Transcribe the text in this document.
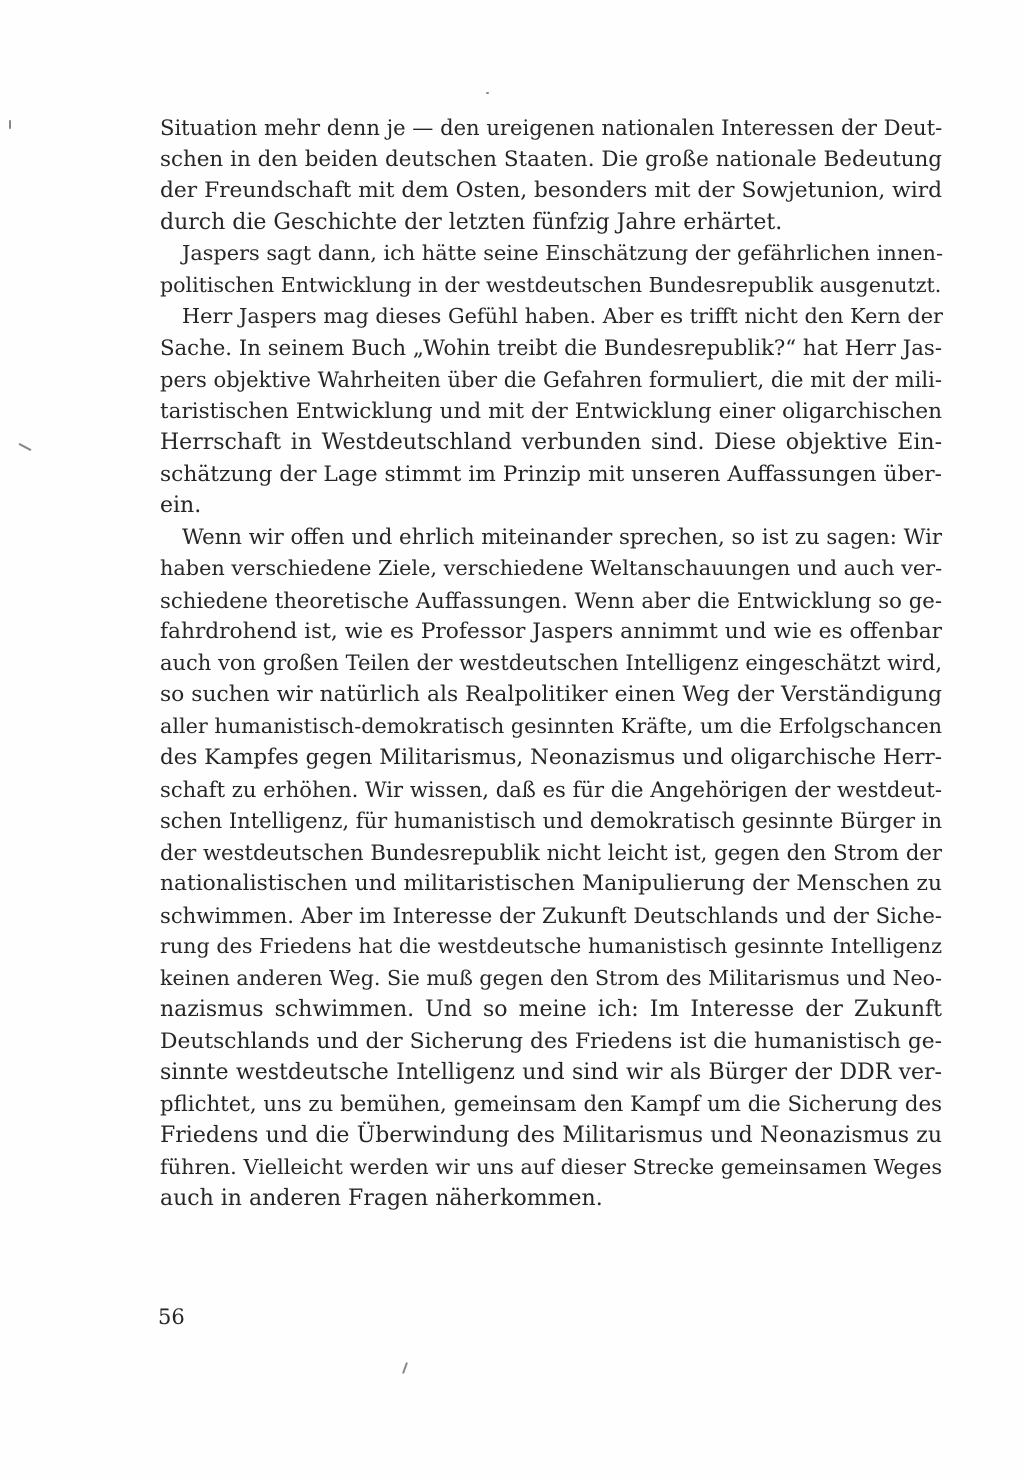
Situation mehr denn je — den ureigenen nationalen Interessen der Deut-
schen in den beiden deutschen Staaten. Die große nationale Bedeutung
der Freundschaft mit dem Osten, besonders mit der Sowjetunion, wird
durch die Geschichte der letzten fünfzig Jahre erhärtet.
Jaspers sagt dann, ich hätte seine Einschätzung der gefährlichen innen-
politischen Entwicklung in der westdeutschen Bundesrepublik ausgenutzt.
Herr Jaspers mag dieses Gefühl haben. Aber es trifft nicht den Kern der
Sache. In seinem Buch „Wohin treibt die Bundesrepublik?“ hat Herr Jas-
pers objektive Wahrheiten über die Gefahren formuliert, die mit der mili-
taristischen Entwicklung und mit der Entwicklung einer oligarchischen
Herrschaft in Westdeutschland verbunden sind. Diese objektive Ein-
schätzung der Lage stimmt im Prinzip mit unseren Auffassungen über-
ein.
Wenn wir offen und ehrlich miteinander sprechen, so ist zu sagen: Wir
haben verschiedene Ziele, verschiedene Weltanschauungen und auch ver-
schiedene theoretische Auffassungen. Wenn aber die Entwicklung so ge-
fahrdrohend ist, wie es Professor Jaspers annimmt und wie es offenbar
auch von großen Teilen der westdeutschen Intelligenz eingeschätzt wird,
so suchen wir natürlich als Realpolitiker einen Weg der Verständigung
aller humanistisch-demokratisch gesinnten Kräfte, um die Erfolgschancen
des Kampfes gegen Militarismus, Neonazismus und oligarchische Herr-
schaft zu erhöhen. Wir wissen, daß es für die Angehörigen der westdeut-
schen Intelligenz, für humanistisch und demokratisch gesinnte Bürger in
der westdeutschen Bundesrepublik nicht leicht ist, gegen den Strom der
nationalistischen und militaristischen Manipulierung der Menschen zu
schwimmen. Aber im Interesse der Zukunft Deutschlands und der Siche-
rung des Friedens hat die westdeutsche humanistisch gesinnte Intelligenz
keinen anderen Weg. Sie muß gegen den Strom des Militarismus und Neo-
nazismus schwimmen. Und so meine ich: Im Interesse der Zukunft
Deutschlands und der Sicherung des Friedens ist die humanistisch ge-
sinnte westdeutsche Intelligenz und sind wir als Bürger der DDR ver-
pflichtet, uns zu bemühen, gemeinsam den Kampf um die Sicherung des
Friedens und die Überwindung des Militarismus und Neonazismus zu
führen. Vielleicht werden wir uns auf dieser Strecke gemeinsamen Weges
auch in anderen Fragen näherkommen.
56
